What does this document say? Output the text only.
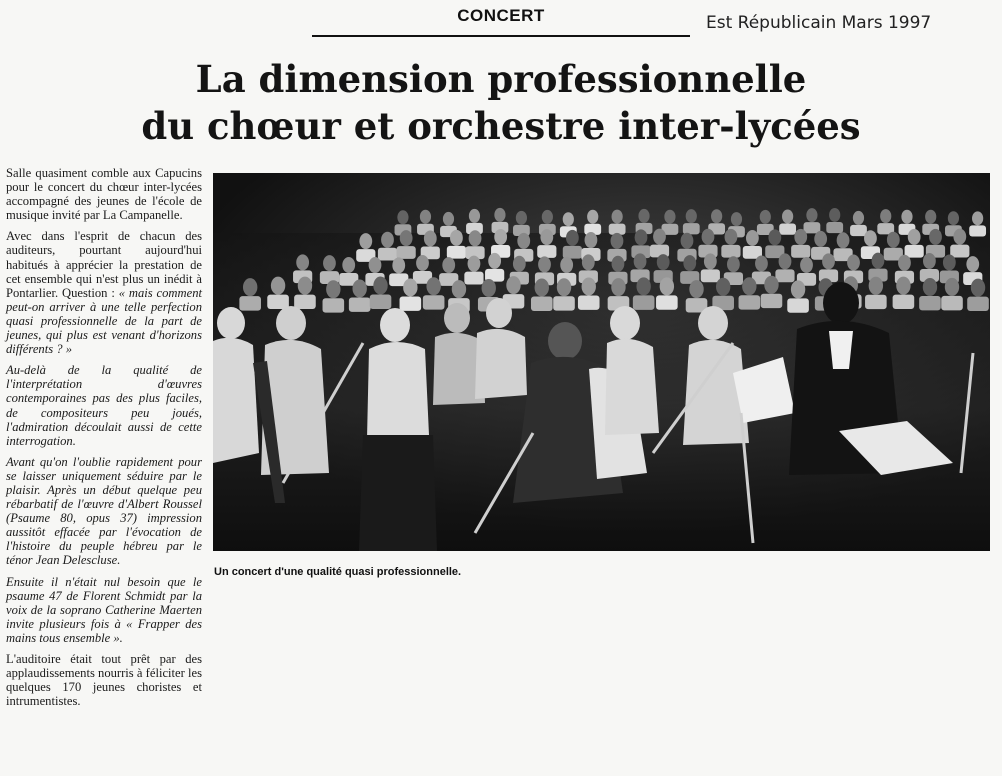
CONCERT	Est Républicain Mars 1997
La dimension professionnelle
du chœur et orchestre inter-lycées

Salle quasiment comble aux Capucins pour le concert du chœur inter-lycées accompagné des jeunes de l'école de musique invité par La Campanelle.

Avec dans l'esprit de chacun des auditeurs, pourtant aujourd'hui habitués à apprécier la prestation de cet ensemble qui n'est plus un inédit à Pontarlier. Question : « mais comment peut-on arriver à une telle perfection quasi professionnelle de la part de jeunes, qui plus est venant d'horizons différents ? »

Au-delà de la qualité de l'interprétation d'œuvres contemporaines pas des plus faciles, de compositeurs peu joués, l'admiration découlait aussi de cette interrogation.

Avant qu'on l'oublie rapidement pour se laisser uniquement séduire par le plaisir. Après un début quelque peu rébarbatif de l'œuvre d'Albert Roussel (Psaume 80, opus 37) impression aussitôt effacée par l'évocation de l'histoire du peuple hébreu par le ténor Jean Delescluse.

Ensuite il n'était nul besoin que le psaume 47 de Florent Schmidt par la voix de la soprano Catherine Maerten invite plusieurs fois à « Frapper des mains tous ensemble ».

L'auditoire était tout prêt par des applaudissements nourris à féliciter les quelques 170 jeunes choristes et intrumentistes.

Un concert d'une qualité quasi professionnelle.
